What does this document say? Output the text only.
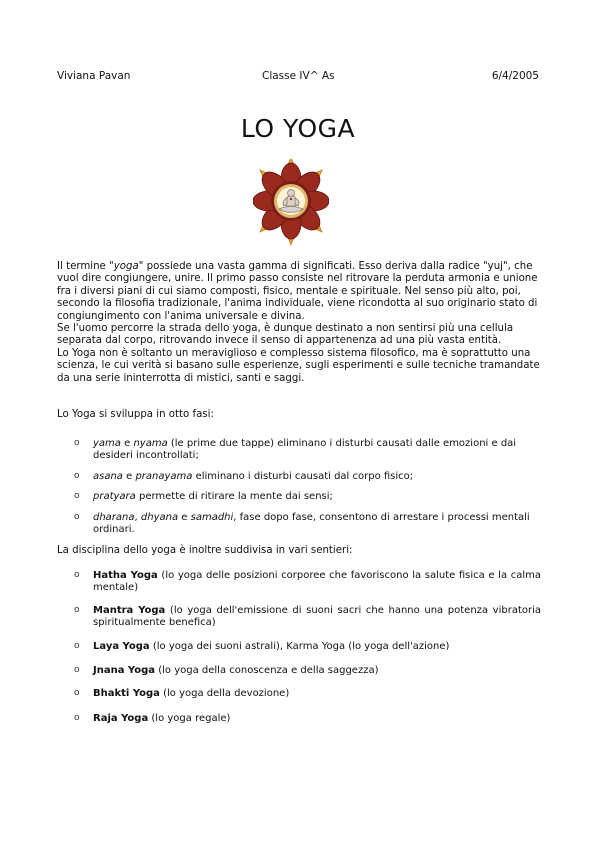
Viviana Pavan	Classe IV^ As	6/4/2005
LO YOGA
Il termine "yoga" possiede una vasta gamma di significati. Esso deriva dalla radice "yuj", che vuol dire congiungere, unire. Il primo passo consiste nel ritrovare la perduta armonia e unione fra i diversi piani di cui siamo composti, fisico, mentale e spirituale. Nel senso più alto, poi, secondo la filosofia tradizionale, l'anima individuale, viene ricondotta al suo originario stato di congiungimento con l'anima universale e divina.
Se l'uomo percorre la strada dello yoga, è dunque destinato a non sentirsi più una cellula separata dal corpo, ritrovando invece il senso di appartenenza ad una più vasta entità.
Lo Yoga non è soltanto un meraviglioso e complesso sistema filosofico, ma è soprattutto una scienza, le cui verità si basano sulle esperienze, sugli esperimenti e sulle tecniche tramandate da una serie ininterrotta di mistici, santi e saggi.
Lo Yoga si sviluppa in otto fasi:
o yama e nyama (le prime due tappe) eliminano i disturbi causati dalle emozioni e dai desideri incontrollati;
o asana e pranayama eliminano i disturbi causati dal corpo fisico;
o pratyara permette di ritirare la mente dai sensi;
o dharana, dhyana e samadhi, fase dopo fase, consentono di arrestare i processi mentali ordinari.
La disciplina dello yoga è inoltre suddivisa in vari sentieri:
o Hatha Yoga (lo yoga delle posizioni corporee che favoriscono la salute fisica e la calma mentale)
o Mantra Yoga (lo yoga dell'emissione di suoni sacri che hanno una potenza vibratoria spiritualmente benefica)
o Laya Yoga (lo yoga dei suoni astrali), Karma Yoga (lo yoga dell'azione)
o Jnana Yoga (lo yoga della conoscenza e della saggezza)
o Bhakti Yoga (lo yoga della devozione)
o Raja Yoga (lo yoga regale)
